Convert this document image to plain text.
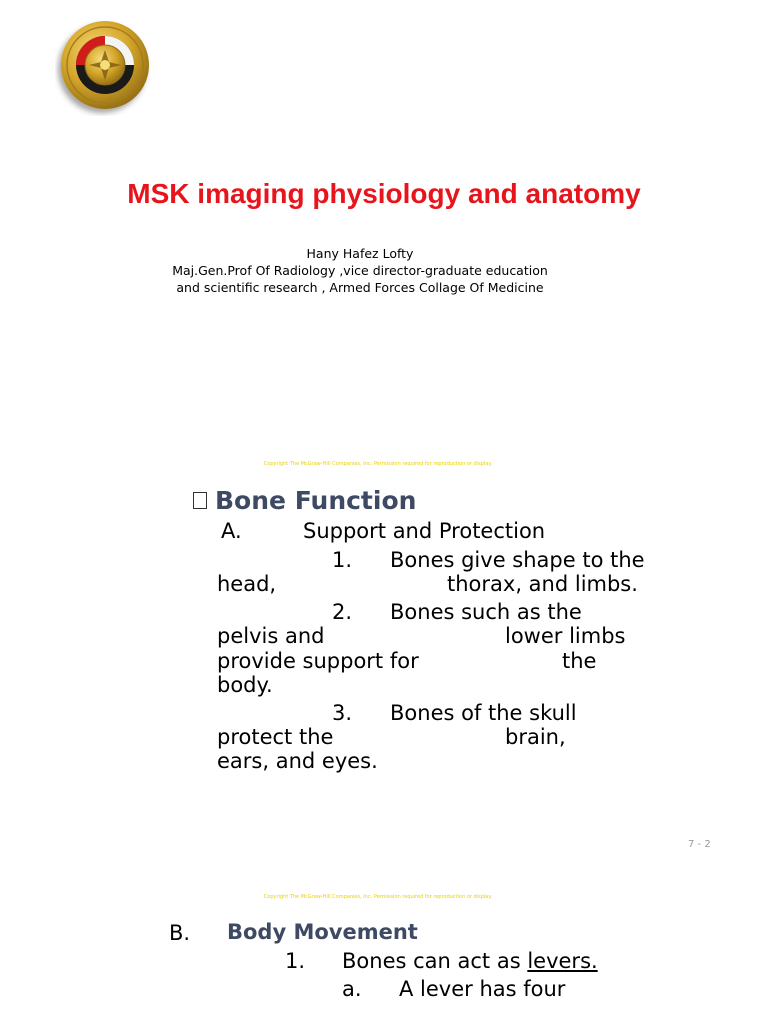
MSK imaging physiology and anatomy
Hany Hafez Lofty
Maj.Gen.Prof Of Radiology ,vice director-graduate education
and scientific research , Armed Forces Collage Of Medicine
Copyright The McGraw-Hill Companies, Inc. Permission required for reproduction or display.
Bone Function
A.	Support and Protection
1. Bones give shape to the
head,	thorax, and limbs.
2. Bones such as the
pelvis and	lower limbs
provide support for	the
body.
3. Bones of the skull
protect the	brain,
ears, and eyes.
7 - 2
Copyright The McGraw-Hill Companies, Inc. Permission required for reproduction or display.
B. Body Movement
1. Bones can act as levers.
a. A lever has four
